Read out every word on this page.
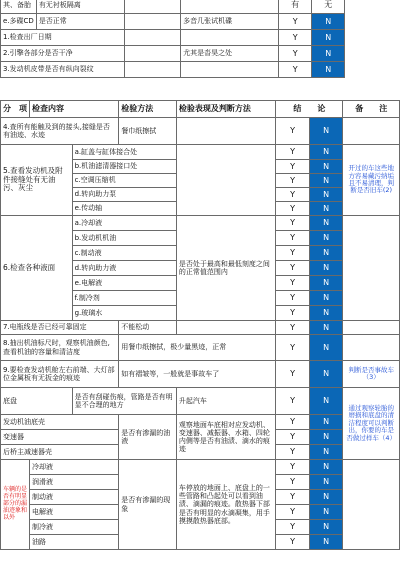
其、备胎	有无衬板隔离			有	无	
e.多碟CD	是否正常		多音几张试机碟	Y	N	
1.检查出厂日期				Y	N	
2.引擎各部分是否干净			尤其是沓昊之处	Y	N	
3.发动机皮带是否有纵向裂纹				Y	N	
分　项	检查内容		检验方法	检验表现及判断方法	结　　论		备　　注
4.查所有能触及到的接头,接缝是否有油迹、水迹			餐巾纸擦拭		Y	N	
5.查看发动机及附件接缝处有无油污、灰尘		a.缸盖与缸体接合处			Y	N	开过的车这些地方容易藏污纳垢且不易清理，判断是否旧车(2)
		b.机油滤清器接口处			Y	N	
		c.空调压缩机			Y	N	
		d.转向助力泵			Y	N	
		e.传动轴			Y	N	
6.检查各种液面		a.冷却液		是否处于最高和最低刻度之间的正常值范围内	Y	N	
		b.发动机机油			Y	N	
		c.制动液			Y	N	
		d.转向助力液			Y	N	
		e.电解液			Y	N	
		f.制冷剂			Y	N	
		g.玻璃水			Y	N	
7.电瓶线是否已经可靠固定			不能松动		Y	N	
8.抽出机油标尺时，观察机油颜色,查看机油的容量和清洁度			用餐巾纸擦拭，极少量黑迹，正常		Y	N	
9.要检查发动机舱左右前端、大灯部位金属板有无扳金的痕迹			如有褶皱等，一般就是事故车了		Y	N	判断是否事故车（3）
底盘		是否有刮碰伤痕，管路是否有明显不合理的地方		升起汽车	Y	N	通过观察轮胎的磨损和底盘的清洁程度可以判断出，你要的车是否做过样车（4）
发动机油底壳			是否有渗漏的油液	观察地面车底相对应发动机、变速器、减振器、水箱、四轮内侧等是否有油渍、滴水的痕迹	Y	N	
变速器					Y	N	
后桥主减速器壳					Y	N	
车辆的是否有明显部分的漏油迹象和以外	冷却液		是否有渗漏的现象	车停放的地面上、底盘上的一些管路和凸起处可以看到油渍、滴漏的痕迹。散热器下部是否有明显的水滴凝集，用手摸摸散热器底部。	Y	N	
	润滑液				Y	N	
	制动液				Y	N	
	电解液				Y	N	
	制冷液				Y	N	
	油路				Y	N	
